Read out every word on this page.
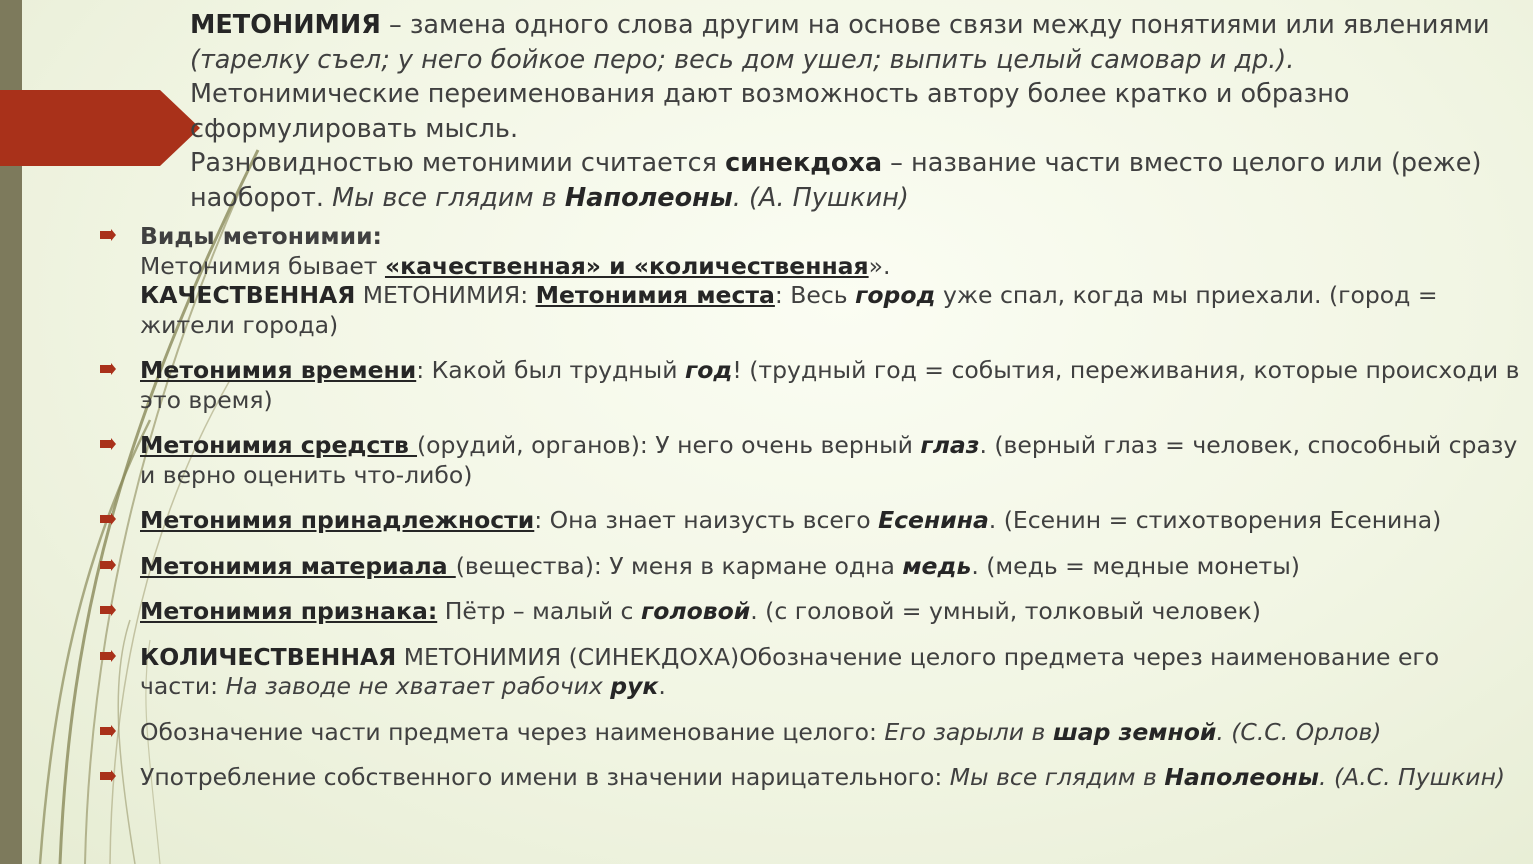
МЕТОНИМИЯ – замена одного слова другим на основе связи между понятиями или явлениями (тарелку съел; у него бойкое перо; весь дом ушел; выпить целый самовар и др.). Метонимические переименования дают возможность автору более кратко и образно сформулировать мысль.

Разновидностью метонимии считается синекдоха – название части вместо целого или (реже) наоборот. Мы все глядим в Наполеоны. (А. Пушкин)

Виды метонимии:
Метонимия бывает «качественная» и «количественная».
КАЧЕСТВЕННАЯ МЕТОНИМИЯ: Метонимия места: Весь город уже спал, когда мы приехали. (город = жители города)
Метонимия времени: Какой был трудный год! (трудный год = события, переживания, которые происходи в это время)
Метонимия средств (орудий, органов): У него очень верный глаз. (верный глаз = человек, способный сразу и верно оценить что-либо)
Метонимия принадлежности: Она знает наизусть всего Есенина. (Есенин = стихотворения Есенина)
Метонимия материала (вещества): У меня в кармане одна медь. (медь = медные монеты)
Метонимия признака: Пётр – малый с головой. (с головой = умный, толковый человек)
КОЛИЧЕСТВЕННАЯ МЕТОНИМИЯ (СИНЕКДОХА)Обозначение целого предмета через наименование его части: На заводе не хватает рабочих рук.
Обозначение части предмета через наименование целого: Его зарыли в шар земной. (С.С. Орлов)
Употребление собственного имени в значении нарицательного: Мы все глядим в Наполеоны. (А.С. Пушкин)
